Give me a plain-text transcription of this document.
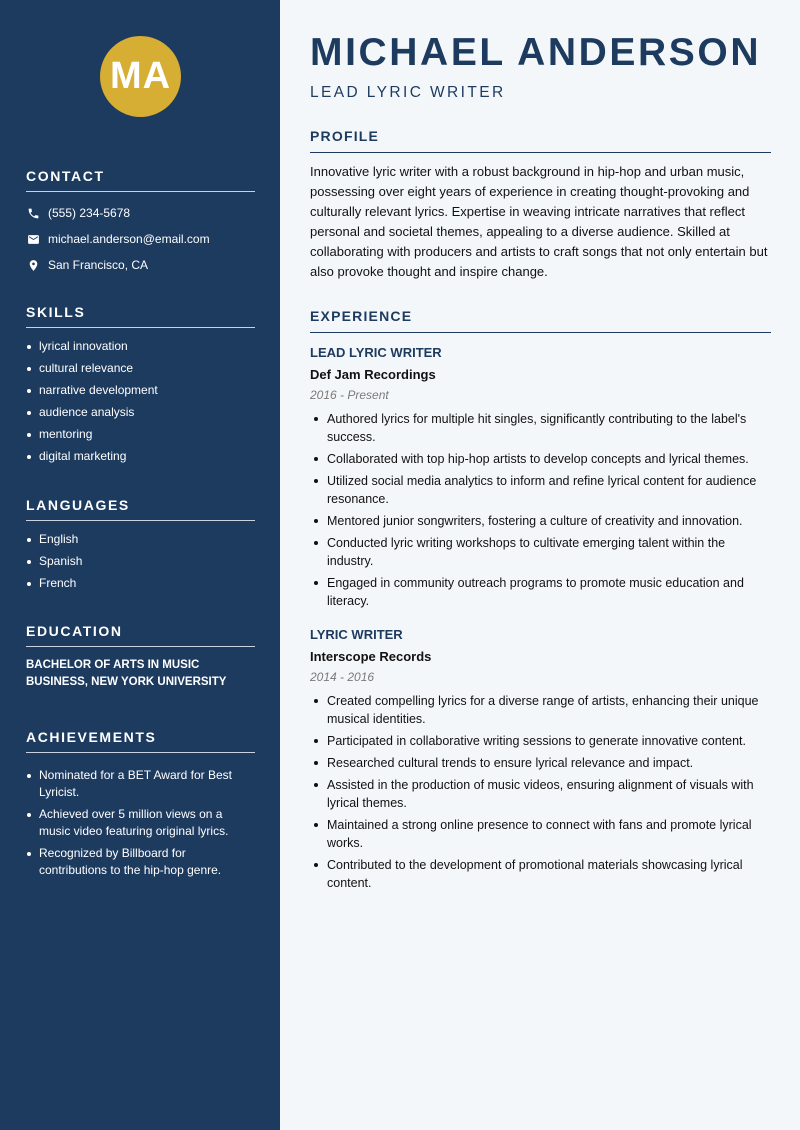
MA
CONTACT
(555) 234-5678
michael.anderson@email.com
San Francisco, CA
SKILLS
lyrical innovation
cultural relevance
narrative development
audience analysis
mentoring
digital marketing
LANGUAGES
English
Spanish
French
EDUCATION
BACHELOR OF ARTS IN MUSIC BUSINESS, NEW YORK UNIVERSITY
ACHIEVEMENTS
Nominated for a BET Award for Best Lyricist.
Achieved over 5 million views on a music video featuring original lyrics.
Recognized by Billboard for contributions to the hip-hop genre.
MICHAEL ANDERSON
LEAD LYRIC WRITER
PROFILE
Innovative lyric writer with a robust background in hip-hop and urban music, possessing over eight years of experience in creating thought-provoking and culturally relevant lyrics. Expertise in weaving intricate narratives that reflect personal and societal themes, appealing to a diverse audience. Skilled at collaborating with producers and artists to craft songs that not only entertain but also provoke thought and inspire change.
EXPERIENCE
LEAD LYRIC WRITER
Def Jam Recordings
2016 - Present
Authored lyrics for multiple hit singles, significantly contributing to the label's success.
Collaborated with top hip-hop artists to develop concepts and lyrical themes.
Utilized social media analytics to inform and refine lyrical content for audience resonance.
Mentored junior songwriters, fostering a culture of creativity and innovation.
Conducted lyric writing workshops to cultivate emerging talent within the industry.
Engaged in community outreach programs to promote music education and literacy.
LYRIC WRITER
Interscope Records
2014 - 2016
Created compelling lyrics for a diverse range of artists, enhancing their unique musical identities.
Participated in collaborative writing sessions to generate innovative content.
Researched cultural trends to ensure lyrical relevance and impact.
Assisted in the production of music videos, ensuring alignment of visuals with lyrical themes.
Maintained a strong online presence to connect with fans and promote lyrical works.
Contributed to the development of promotional materials showcasing lyrical content.
